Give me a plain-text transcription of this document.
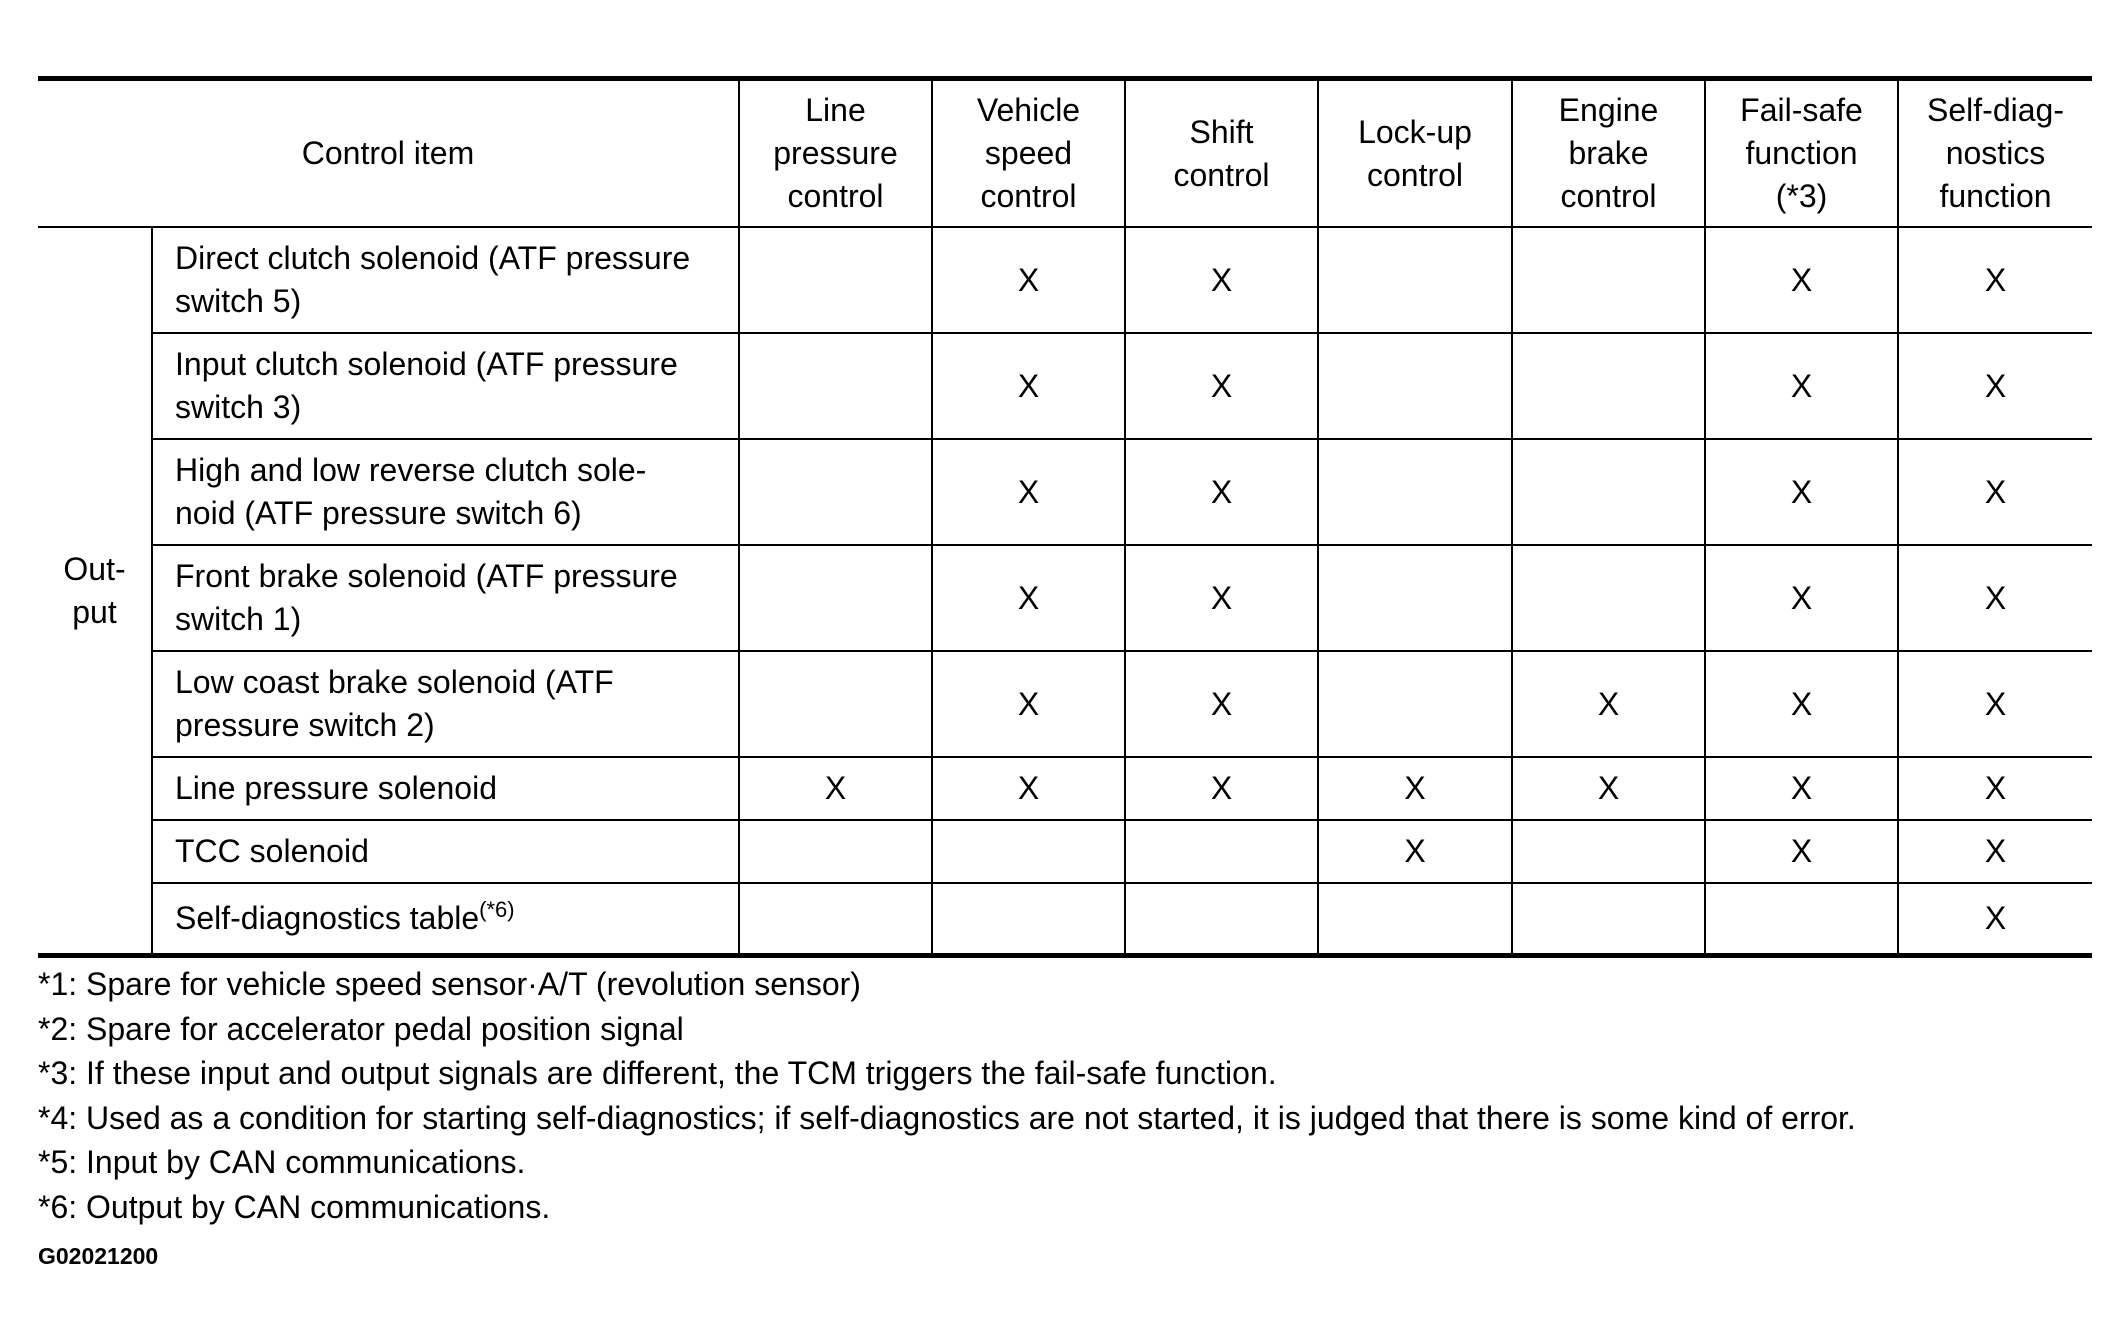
Control item		Line
pressure
control	Vehicle
speed
control	Shift
control	Lock-up
control	Engine
brake
control	Fail-safe
function
(*3)	Self-diag-
nostics
function

Out-
put	Direct clutch solenoid (ATF pressure
switch 5)		X	X			X	X
	Input clutch solenoid (ATF pressure
switch 3)		X	X			X	X
	High and low reverse clutch sole-
noid (ATF pressure switch 6)		X	X			X	X
	Front brake solenoid (ATF pressure
switch 1)		X	X			X	X
	Low coast brake solenoid (ATF
pressure switch 2)		X	X		X	X	X
	Line pressure solenoid	X	X	X	X	X	X	X
	TCC solenoid				X		X	X
	Self-diagnostics table$^{(*6)}$							X
*1: Spare for vehicle speed sensor·A/T (revolution sensor)
*2: Spare for accelerator pedal position signal
*3: If these input and output signals are different, the TCM triggers the fail-safe function.
*4: Used as a condition for starting self-diagnostics; if self-diagnostics are not started, it is judged that there is some kind of error.
*5: Input by CAN communications.
*6: Output by CAN communications.
G02021200
